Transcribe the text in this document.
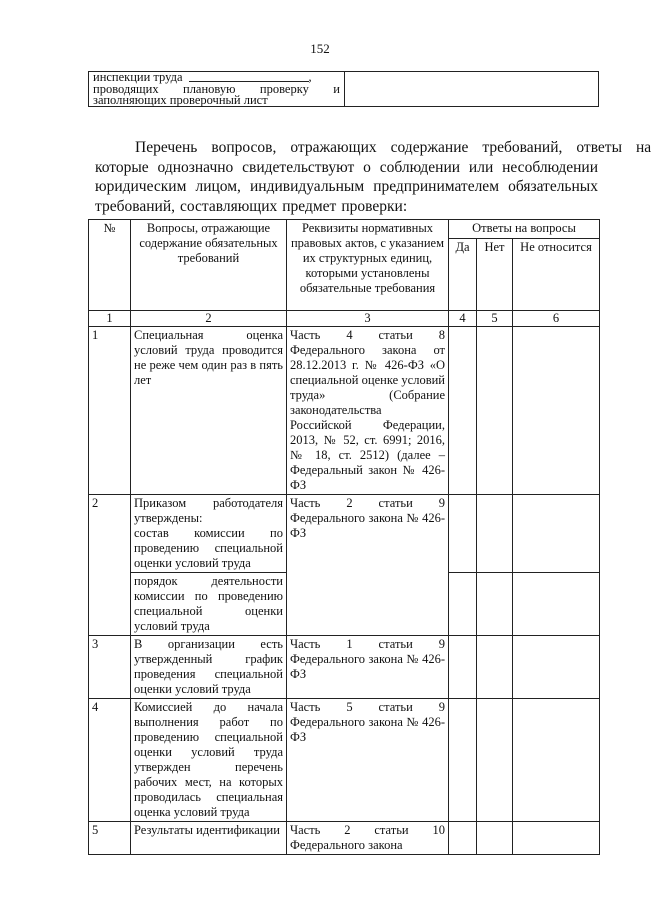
152
инспекции труда	,
проводящих плановую проверку и
заполняющих проверочный лист
Перечень вопросов, отражающих содержание требований, ответы на
которые однозначно свидетельствуют о соблюдении или несоблюдении
юридическим лицом, индивидуальным предпринимателем обязательных
требований, составляющих предмет проверки:
№	Вопросы, отражающие содержание обязательных требований	Реквизиты нормативных правовых актов, с указанием их структурных единиц, которыми установлены обязательные требования	Ответы на вопросы		
			Да	Нет	Не относится
1	2	3	4	5	6
1	Специальная оценка условий труда проводится не реже чем один раз в пять лет	Часть 4 статьи 8 Федерального закона от 28.12.2013 г. № 426-ФЗ «О специальной оценке условий труда» (Собрание законодательства Российской Федерации, 2013, № 52, ст. 6991; 2016, № 18, ст. 2512) (далее – Федеральный закон № 426-ФЗ			
2	Приказом работодателя
утверждены:
состав комиссии по проведению специальной оценки условий труда	Часть 2 статьи 9 Федерального закона № 426-ФЗ			
	порядок деятельности комиссии по проведению специальной оценки условий труда				
3	В организации есть утвержденный график проведения специальной оценки условий труда	Часть 1 статьи 9 Федерального закона № 426-ФЗ			
4	Комиссией до начала выполнения работ по проведению специальной оценки условий труда утвержден перечень рабочих мест, на которых проводилась специальная оценка условий труда	Часть 5 статьи 9 Федерального закона № 426-ФЗ			
5	Результаты идентификации	Часть 2 статьи 10 Федерального закона			
